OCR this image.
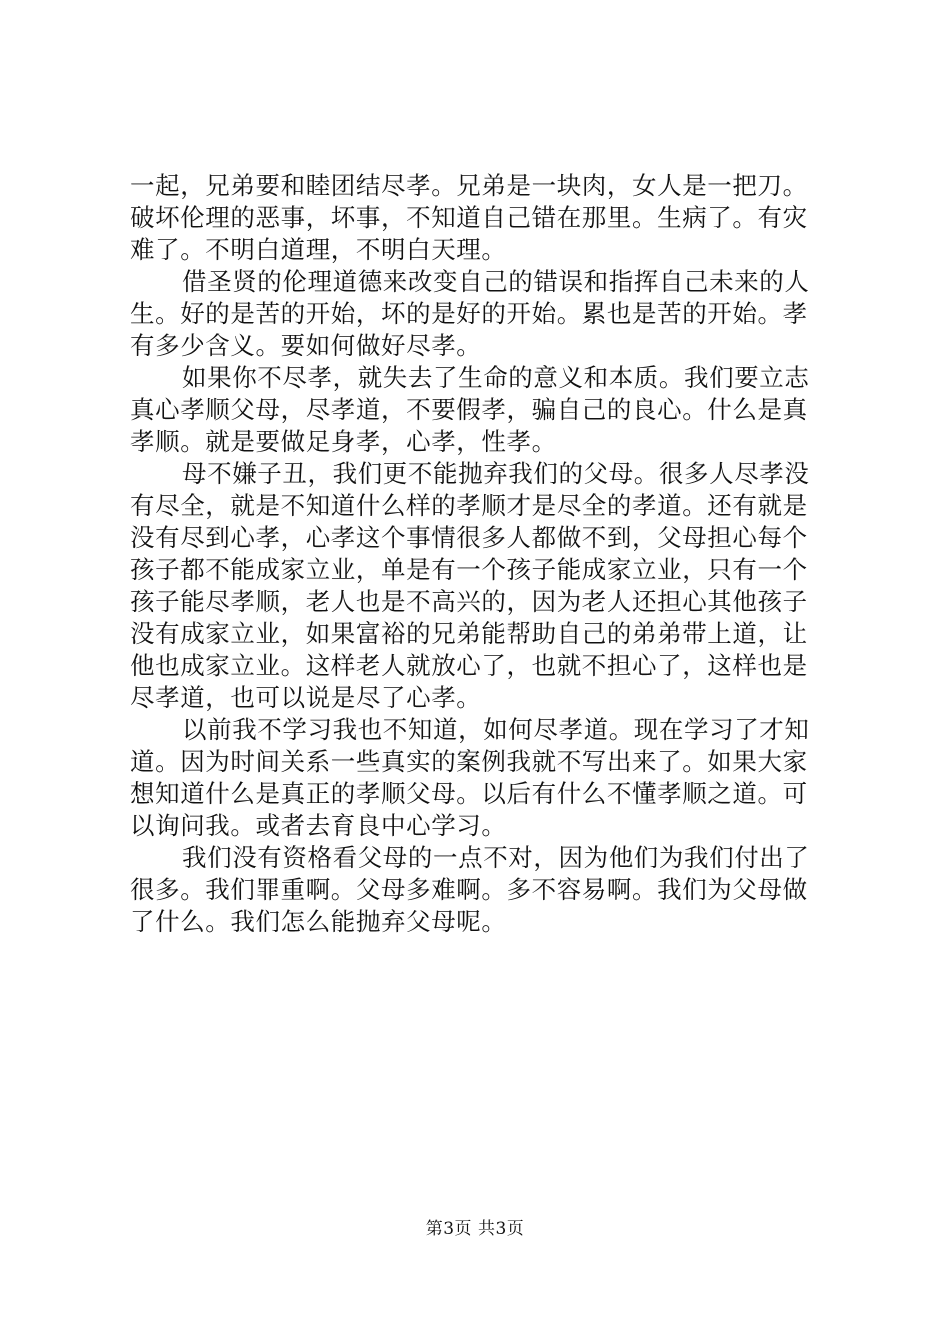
一起，兄弟要和睦团结尽孝。兄弟是一块肉，女人是一把刀。
破坏伦理的恶事，坏事，不知道自己错在那里。生病了。有灾
难了。不明白道理，不明白天理。
借圣贤的伦理道德来改变自己的错误和指挥自己未来的人
生。好的是苦的开始，坏的是好的开始。累也是苦的开始。孝
有多少含义。要如何做好尽孝。
如果你不尽孝，就失去了生命的意义和本质。我们要立志
真心孝顺父母，尽孝道，不要假孝，骗自己的良心。什么是真
孝顺。就是要做足身孝，心孝，性孝。
母不嫌子丑，我们更不能抛弃我们的父母。很多人尽孝没
有尽全，就是不知道什么样的孝顺才是尽全的孝道。还有就是
没有尽到心孝，心孝这个事情很多人都做不到，父母担心每个
孩子都不能成家立业，单是有一个孩子能成家立业，只有一个
孩子能尽孝顺，老人也是不高兴的，因为老人还担心其他孩子
没有成家立业，如果富裕的兄弟能帮助自己的弟弟带上道，让
他也成家立业。这样老人就放心了，也就不担心了，这样也是
尽孝道，也可以说是尽了心孝。
以前我不学习我也不知道，如何尽孝道。现在学习了才知
道。因为时间关系一些真实的案例我就不写出来了。如果大家
想知道什么是真正的孝顺父母。以后有什么不懂孝顺之道。可
以询问我。或者去育良中心学习。
我们没有资格看父母的一点不对，因为他们为我们付出了
很多。我们罪重啊。父母多难啊。多不容易啊。我们为父母做
了什么。我们怎么能抛弃父母呢。
第3页 共3页
